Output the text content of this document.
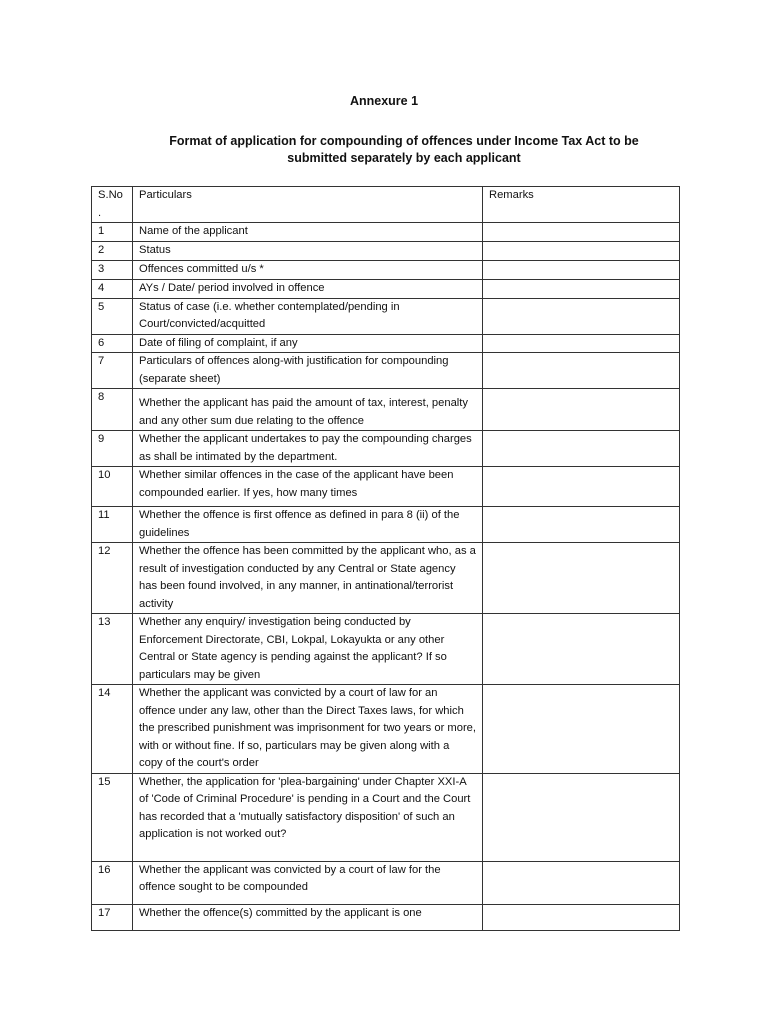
Annexure 1
Format of application for compounding of offences under Income Tax Act to be submitted separately by each applicant
S.No .	Particulars	Remarks
1	Name of the applicant	
2	Status	
3	Offences committed u/s *	
4	AYs / Date/ period involved in offence	
5	Status of case (i.e. whether contemplated/pending in Court/convicted/acquitted	
6	Date of filing of complaint, if any	
7	Particulars of offences along-with justification for compounding (separate sheet)	
8	Whether the applicant has paid the amount of tax, interest, penalty and any other sum due relating to the offence	
9	Whether the applicant undertakes to pay the compounding charges as shall be intimated by the department.	
10	Whether similar offences in the case of the applicant have been compounded earlier. If yes, how many times	
11	Whether the offence is first offence as defined in para 8 (ii) of the guidelines	
12	Whether the offence has been committed by the applicant who, as a result of investigation conducted by any Central or State agency has been found involved, in any manner, in antinational/terrorist activity	
13	Whether any enquiry/ investigation being conducted by Enforcement Directorate, CBI, Lokpal, Lokayukta or any other Central or State agency is pending against the applicant? If so particulars may be given	
14	Whether the applicant was convicted by a court of law for an offence under any law, other than the Direct Taxes laws, for which the prescribed punishment was imprisonment for two years or more, with or without fine. If so, particulars may be given along with a copy of the court's order	
15	Whether, the application for 'plea-bargaining' under Chapter XXI-A of 'Code of Criminal Procedure' is pending in a Court and the Court has recorded that a 'mutually satisfactory disposition' of such an application is not worked out?	
16	Whether the applicant was convicted by a court of law for the offence sought to be compounded	
17	Whether the offence(s) committed by the applicant is one	
